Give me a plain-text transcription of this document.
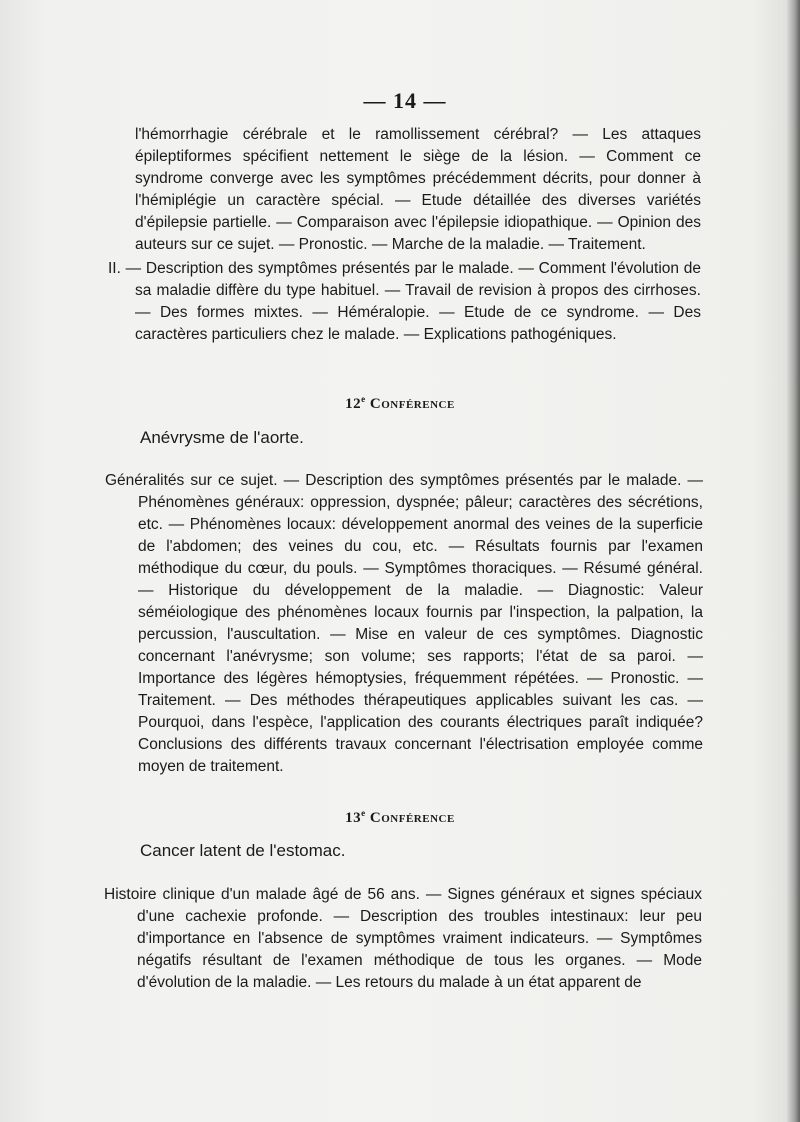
— 14 —

l'hémorrhagie cérébrale et le ramollissement cérébral? — Les attaques épileptiformes spécifient nettement le siège de la lésion. — Comment ce syndrome converge avec les symptômes précédemment décrits, pour donner à l'hémiplégie un caractère spécial. — Etude détaillée des diverses variétés d'épilepsie partielle. — Comparaison avec l'épilepsie idiopathique. — Opinion des auteurs sur ce sujet. — Pronostic. — Marche de la maladie. — Traitement.

II. — Description des symptômes présentés par le malade. — Comment l'évolution de sa maladie diffère du type habituel. — Travail de revision à propos des cirrhoses. — Des formes mixtes. — Héméralopie. — Etude de ce syndrome. — Des caractères particuliers chez le malade. — Explications pathogéniques.

12e Conférence
Anévrysme de l'aorte.

Généralités sur ce sujet. — Description des symptômes présentés par le malade. — Phénomènes généraux: oppression, dyspnée; pâleur; caractères des sécrétions, etc. — Phénomènes locaux: développement anormal des veines de la superficie de l'abdomen; des veines du cou, etc. — Résultats fournis par l'examen méthodique du cœur, du pouls. — Symptômes thoraciques. — Résumé général. — Historique du développement de la maladie. — Diagnostic: Valeur séméiologique des phénomènes locaux fournis par l'inspection, la palpation, la percussion, l'auscultation. — Mise en valeur de ces symptômes. Diagnostic concernant l'anévrysme; son volume; ses rapports; l'état de sa paroi. — Importance des légères hémoptysies, fréquemment répétées. — Pronostic. — Traitement. — Des méthodes thérapeutiques applicables suivant les cas. — Pourquoi, dans l'espèce, l'application des courants électriques paraît indiquée? Conclusions des différents travaux concernant l'électrisation employée comme moyen de traitement.

13e Conférence
Cancer latent de l'estomac.

Histoire clinique d'un malade âgé de 56 ans. — Signes généraux et signes spéciaux d'une cachexie profonde. — Description des troubles intestinaux: leur peu d'importance en l'absence de symptômes vraiment indicateurs. — Symptômes négatifs résultant de l'examen méthodique de tous les organes. — Mode d'évolution de la maladie. — Les retours du malade à un état apparent de
